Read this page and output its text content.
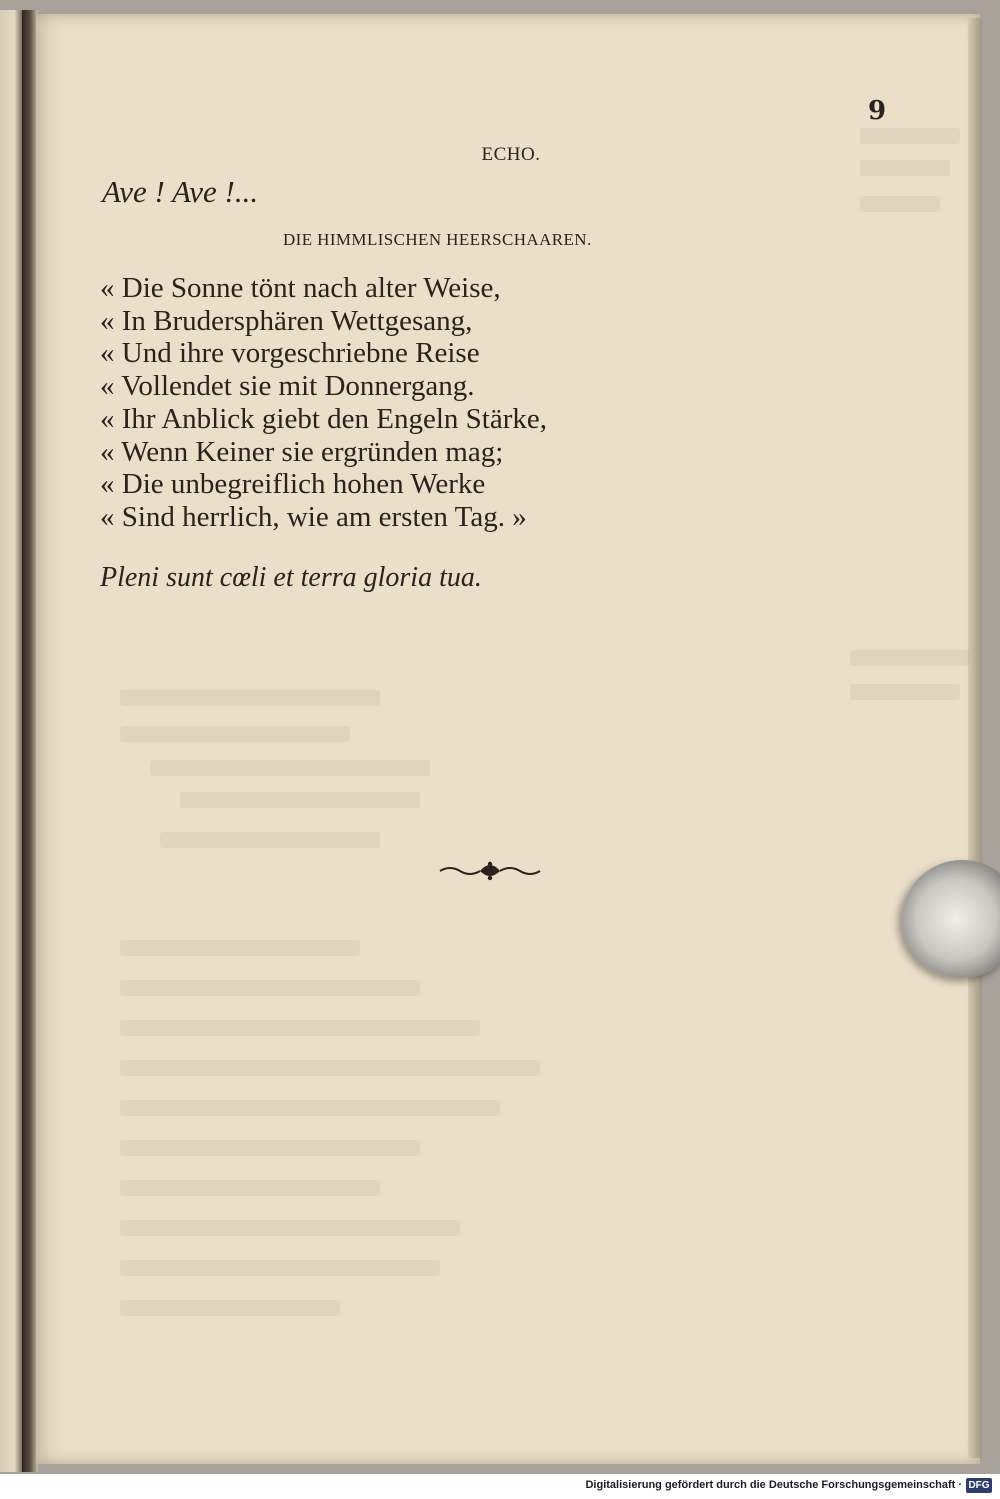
9
ECHO.
Ave ! Ave !...
DIE HIMMLISCHEN HEERSCHAAREN.
« Die Sonne tönt nach alter Weise,
« In Brudersphären Wettgesang,
« Und ihre vorgeschriebne Reise
« Vollendet sie mit Donnergang.
« Ihr Anblick giebt den Engeln Stärke,
« Wenn Keiner sie ergründen mag;
« Die unbegreiflich hohen Werke
« Sind herrlich, wie am ersten Tag. »
Pleni sunt cœli et terra gloria tua.
Digitalisierung gefördert durch die Deutsche Forschungsgemeinschaft · DFG
